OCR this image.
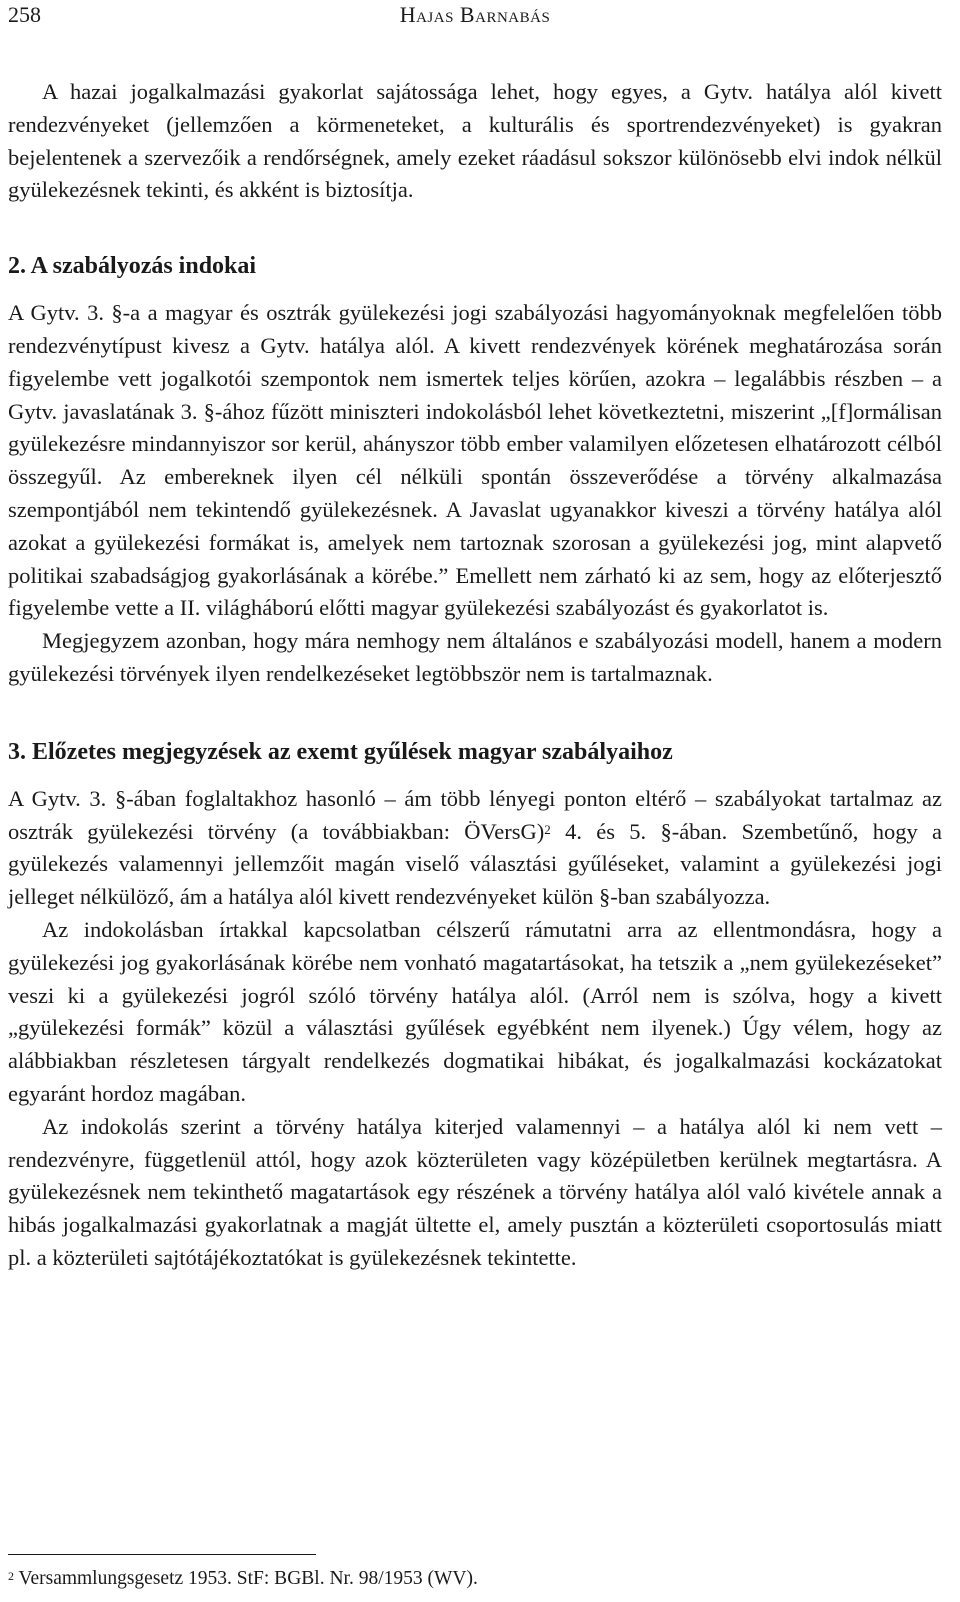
258	Hajas Barnabás

A hazai jogalkalmazási gyakorlat sajátossága lehet, hogy egyes, a Gytv. hatálya alól kivett rendezvényeket (jellemzően a körmeneteket, a kulturális és sportrendezvényeket) is gyakran bejelentenek a szervezőik a rendőrségnek, amely ezeket ráadásul sokszor különösebb elvi indok nélkül gyülekezésnek tekinti, és akként is biztosítja.

2. A szabályozás indokai

A Gytv. 3. §-a a magyar és osztrák gyülekezési jogi szabályozási hagyományoknak megfelelően több rendezvénytípust kivesz a Gytv. hatálya alól. A kivett rendezvények körének meghatározása során figyelembe vett jogalkotói szempontok nem ismertek teljes körűen, azokra – legalábbis részben – a Gytv. javaslatának 3. §-ához fűzött miniszteri indokolásból lehet következtetni, miszerint „[f]ormálisan gyülekezésre mindannyiszor sor kerül, ahányszor több ember valamilyen előzetesen elhatározott célból összegyűl. Az embereknek ilyen cél nélküli spontán összeverődése a törvény alkalmazása szempontjából nem tekintendő gyülekezésnek. A Javaslat ugyanakkor kiveszi a törvény hatálya alól azokat a gyülekezési formákat is, amelyek nem tartoznak szorosan a gyülekezési jog, mint alapvető politikai szabadságjog gyakorlásának a körébe.” Emellett nem zárható ki az sem, hogy az előterjesztő figyelembe vette a II. világháború előtti magyar gyülekezési szabályozást és gyakorlatot is.

Megjegyzem azonban, hogy mára nemhogy nem általános e szabályozási modell, hanem a modern gyülekezési törvények ilyen rendelkezéseket legtöbbször nem is tartalmaznak.

3. Előzetes megjegyzések az exemt gyűlések magyar szabályaihoz

A Gytv. 3. §-ában foglaltakhoz hasonló – ám több lényegi ponton eltérő – szabályokat tartalmaz az osztrák gyülekezési törvény (a továbbiakban: ÖVersG)$^2$ 4. és 5. §-ában. Szembetűnő, hogy a gyülekezés valamennyi jellemzőit magán viselő választási gyűléseket, valamint a gyülekezési jogi jelleget nélkülöző, ám a hatálya alól kivett rendezvényeket külön §-ban szabályozza.

Az indokolásban írtakkal kapcsolatban célszerű rámutatni arra az ellentmondásra, hogy a gyülekezési jog gyakorlásának körébe nem vonható magatartásokat, ha tetszik a „nem gyülekezéseket” veszi ki a gyülekezési jogról szóló törvény hatálya alól. (Arról nem is szólva, hogy a kivett „gyülekezési formák” közül a választási gyűlések egyébként nem ilyenek.) Úgy vélem, hogy az alábbiakban részletesen tárgyalt rendelkezés dogmatikai hibákat, és jogalkalmazási kockázatokat egyaránt hordoz magában.

Az indokolás szerint a törvény hatálya kiterjed valamennyi – a hatálya alól ki nem vett – rendezvényre, függetlenül attól, hogy azok közterületen vagy középületben kerülnek megtartásra. A gyülekezésnek nem tekinthető magatartások egy részének a törvény hatálya alól való kivétele annak a hibás jogalkalmazási gyakorlatnak a magját ültette el, amely pusztán a közterületi csoportosulás miatt pl. a közterületi sajtótájékoztatókat is gyülekezésnek tekintette.

$^2$ Versammlungsgesetz 1953. StF: BGBl. Nr. 98/1953 (WV).
